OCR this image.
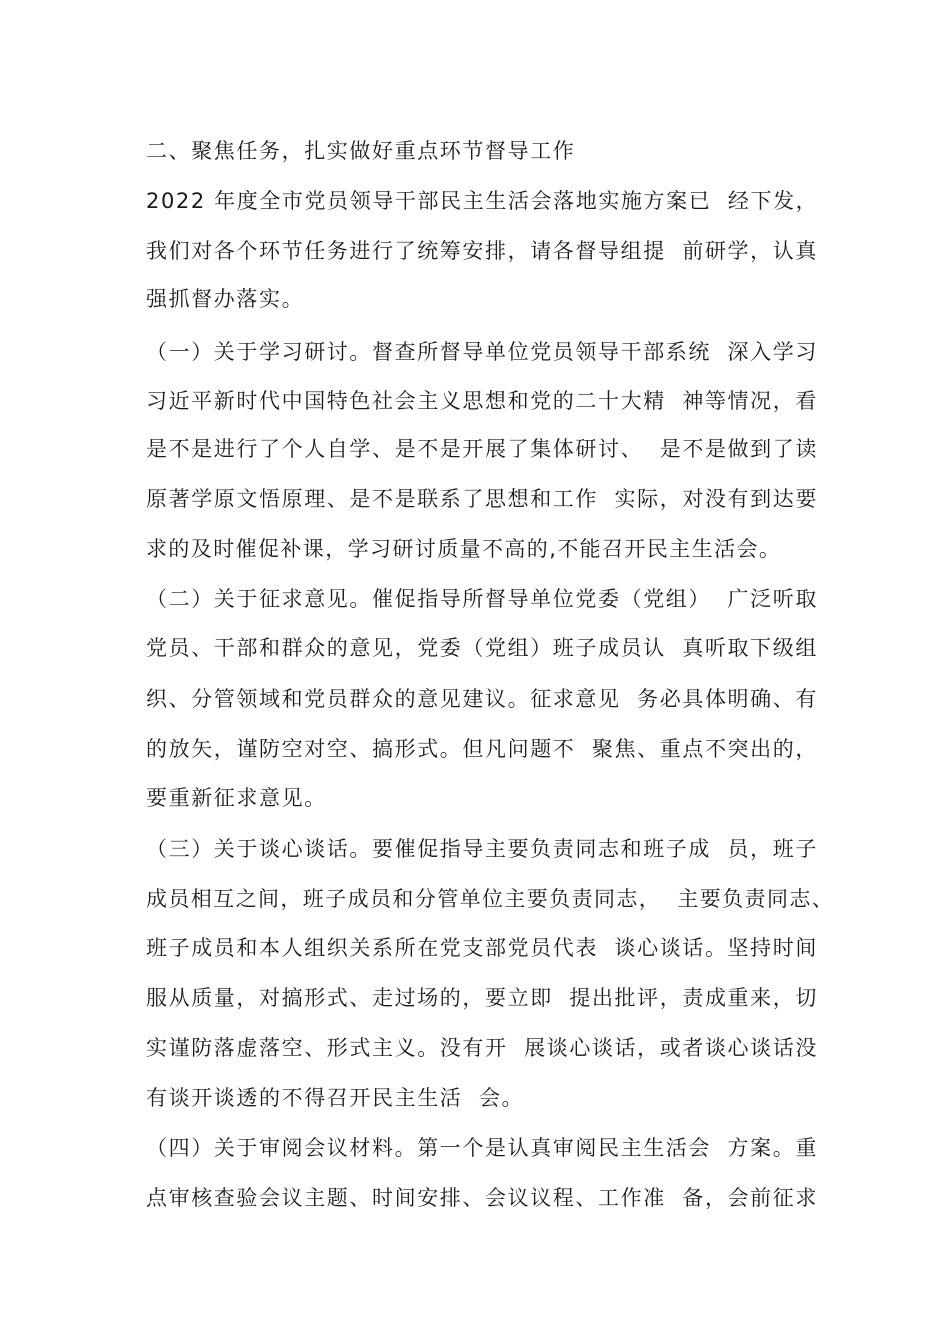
二、聚焦任务，扎实做好重点环节督导工作
2022 年度全市党员领导干部民主生活会落地实施方案已  经下发，
我们对各个环节任务进行了统筹安排，请各督导组提  前研学，认真
强抓督办落实。
（一）关于学习研讨。督查所督导单位党员领导干部系统  深入学习
习近平新时代中国特色社会主义思想和党的二十大精  神等情况，看
是不是进行了个人自学、是不是开展了集体研讨、  是不是做到了读
原著学原文悟原理、是不是联系了思想和工作  实际，对没有到达要
求的及时催促补课，学习研讨质量不高的,不能召开民主生活会。
（二）关于征求意见。催促指导所督导单位党委（党组）  广泛听取
党员、干部和群众的意见，党委（党组）班子成员认  真听取下级组
织、分管领域和党员群众的意见建议。征求意见  务必具体明确、有
的放矢，谨防空对空、搞形式。但凡问题不  聚焦、重点不突出的，
要重新征求意见。
（三）关于谈心谈话。要催促指导主要负责同志和班子成  员，班子
成员相互之间，班子成员和分管单位主要负责同志，  主要负责同志、
班子成员和本人组织关系所在党支部党员代表  谈心谈话。坚持时间
服从质量，对搞形式、走过场的，要立即  提出批评，责成重来，切
实谨防落虚落空、形式主义。没有开  展谈心谈话，或者谈心谈话没
有谈开谈透的不得召开民主生活  会。
（四）关于审阅会议材料。第一个是认真审阅民主生活会  方案。重
点审核查验会议主题、时间安排、会议议程、工作准  备，会前征求
